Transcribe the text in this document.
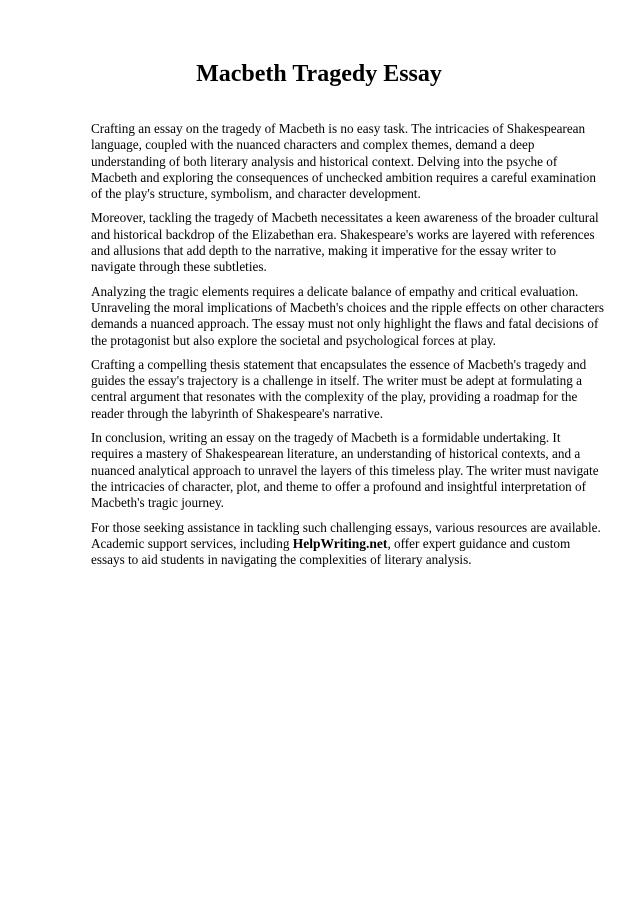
Macbeth Tragedy Essay

Crafting an essay on the tragedy of Macbeth is no easy task. The intricacies of Shakespearean
language, coupled with the nuanced characters and complex themes, demand a deep
understanding of both literary analysis and historical context. Delving into the psyche of
Macbeth and exploring the consequences of unchecked ambition requires a careful examination
of the play's structure, symbolism, and character development.

Moreover, tackling the tragedy of Macbeth necessitates a keen awareness of the broader cultural
and historical backdrop of the Elizabethan era. Shakespeare's works are layered with references
and allusions that add depth to the narrative, making it imperative for the essay writer to
navigate through these subtleties.

Analyzing the tragic elements requires a delicate balance of empathy and critical evaluation.
Unraveling the moral implications of Macbeth's choices and the ripple effects on other characters
demands a nuanced approach. The essay must not only highlight the flaws and fatal decisions of
the protagonist but also explore the societal and psychological forces at play.

Crafting a compelling thesis statement that encapsulates the essence of Macbeth's tragedy and
guides the essay's trajectory is a challenge in itself. The writer must be adept at formulating a
central argument that resonates with the complexity of the play, providing a roadmap for the
reader through the labyrinth of Shakespeare's narrative.

In conclusion, writing an essay on the tragedy of Macbeth is a formidable undertaking. It
requires a mastery of Shakespearean literature, an understanding of historical contexts, and a
nuanced analytical approach to unravel the layers of this timeless play. The writer must navigate
the intricacies of character, plot, and theme to offer a profound and insightful interpretation of
Macbeth's tragic journey.

For those seeking assistance in tackling such challenging essays, various resources are available.
Academic support services, including HelpWriting.net, offer expert guidance and custom
essays to aid students in navigating the complexities of literary analysis.
